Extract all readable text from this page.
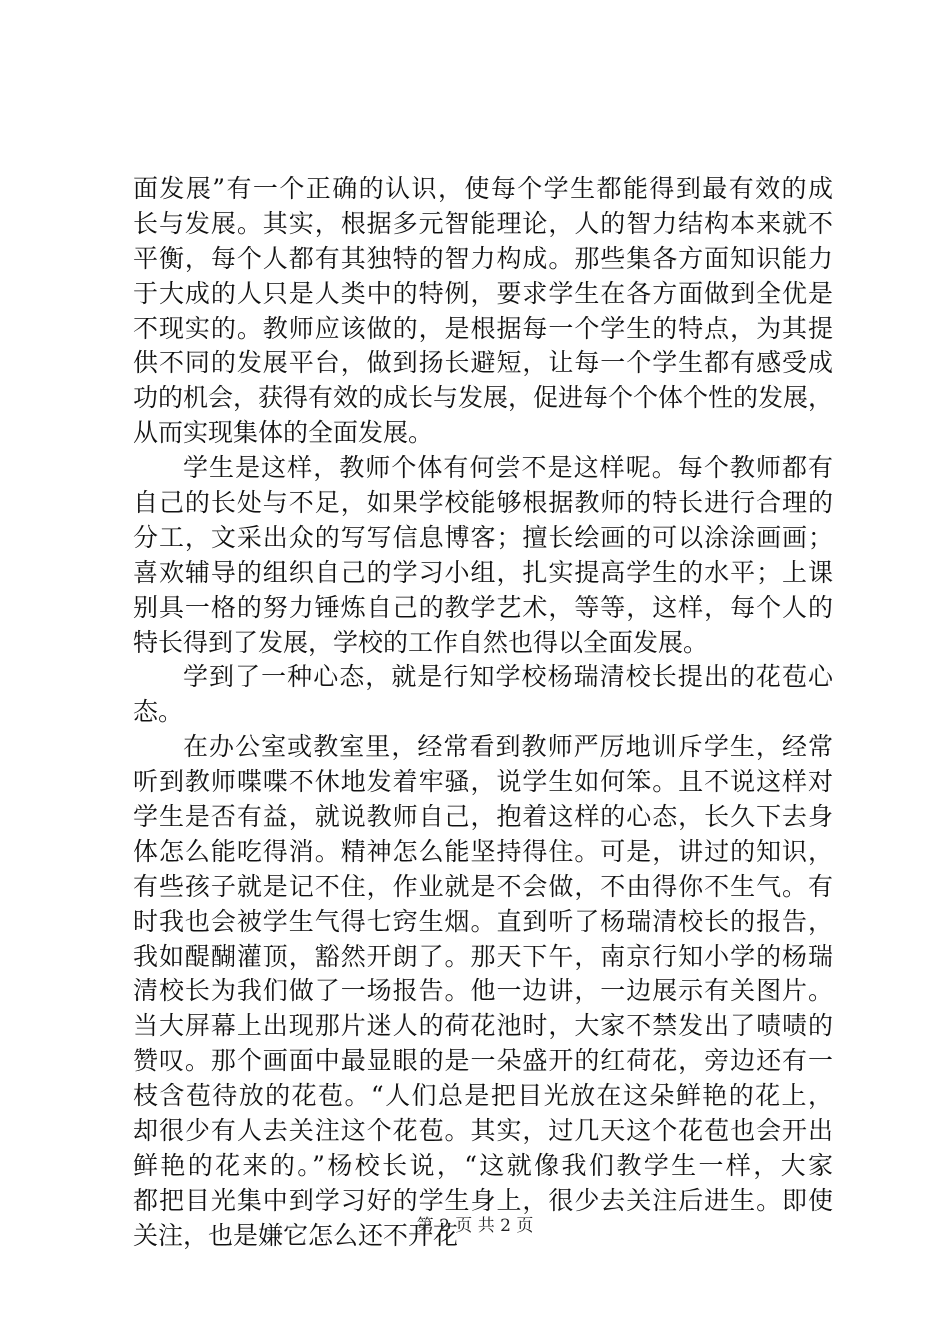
面发展”有一个正确的认识，使每个学生都能得到最有效的成
长与发展。其实，根据多元智能理论，人的智力结构本来就不
平衡，每个人都有其独特的智力构成。那些集各方面知识能力
于大成的人只是人类中的特例，要求学生在各方面做到全优是
不现实的。教师应该做的，是根据每一个学生的特点，为其提
供不同的发展平台，做到扬长避短，让每一个学生都有感受成
功的机会，获得有效的成长与发展，促进每个个体个性的发展，
从而实现集体的全面发展。
学生是这样，教师个体有何尝不是这样呢。每个教师都有
自己的长处与不足，如果学校能够根据教师的特长进行合理的
分工，文采出众的写写信息博客；擅长绘画的可以涂涂画画；
喜欢辅导的组织自己的学习小组，扎实提高学生的水平；上课
别具一格的努力锤炼自己的教学艺术，等等，这样，每个人的
特长得到了发展，学校的工作自然也得以全面发展。
学到了一种心态，就是行知学校杨瑞清校长提出的花苞心
态。
在办公室或教室里，经常看到教师严厉地训斥学生，经常
听到教师喋喋不休地发着牢骚，说学生如何笨。且不说这样对
学生是否有益，就说教师自己，抱着这样的心态，长久下去身
体怎么能吃得消。精神怎么能坚持得住。可是，讲过的知识，
有些孩子就是记不住，作业就是不会做，不由得你不生气。有
时我也会被学生气得七窍生烟。直到听了杨瑞清校长的报告，
我如醍醐灌顶，豁然开朗了。那天下午，南京行知小学的杨瑞
清校长为我们做了一场报告。他一边讲，一边展示有关图片。
当大屏幕上出现那片迷人的荷花池时，大家不禁发出了啧啧的
赞叹。那个画面中最显眼的是一朵盛开的红荷花，旁边还有一
枝含苞待放的花苞。“人们总是把目光放在这朵鲜艳的花上，
却很少有人去关注这个花苞。其实，过几天这个花苞也会开出
鲜艳的花来的。”杨校长说，“这就像我们教学生一样，大家
都把目光集中到学习好的学生身上，很少去关注后进生。即使
关注，也是嫌它怎么还不开花
第 2 页 共 2 页
